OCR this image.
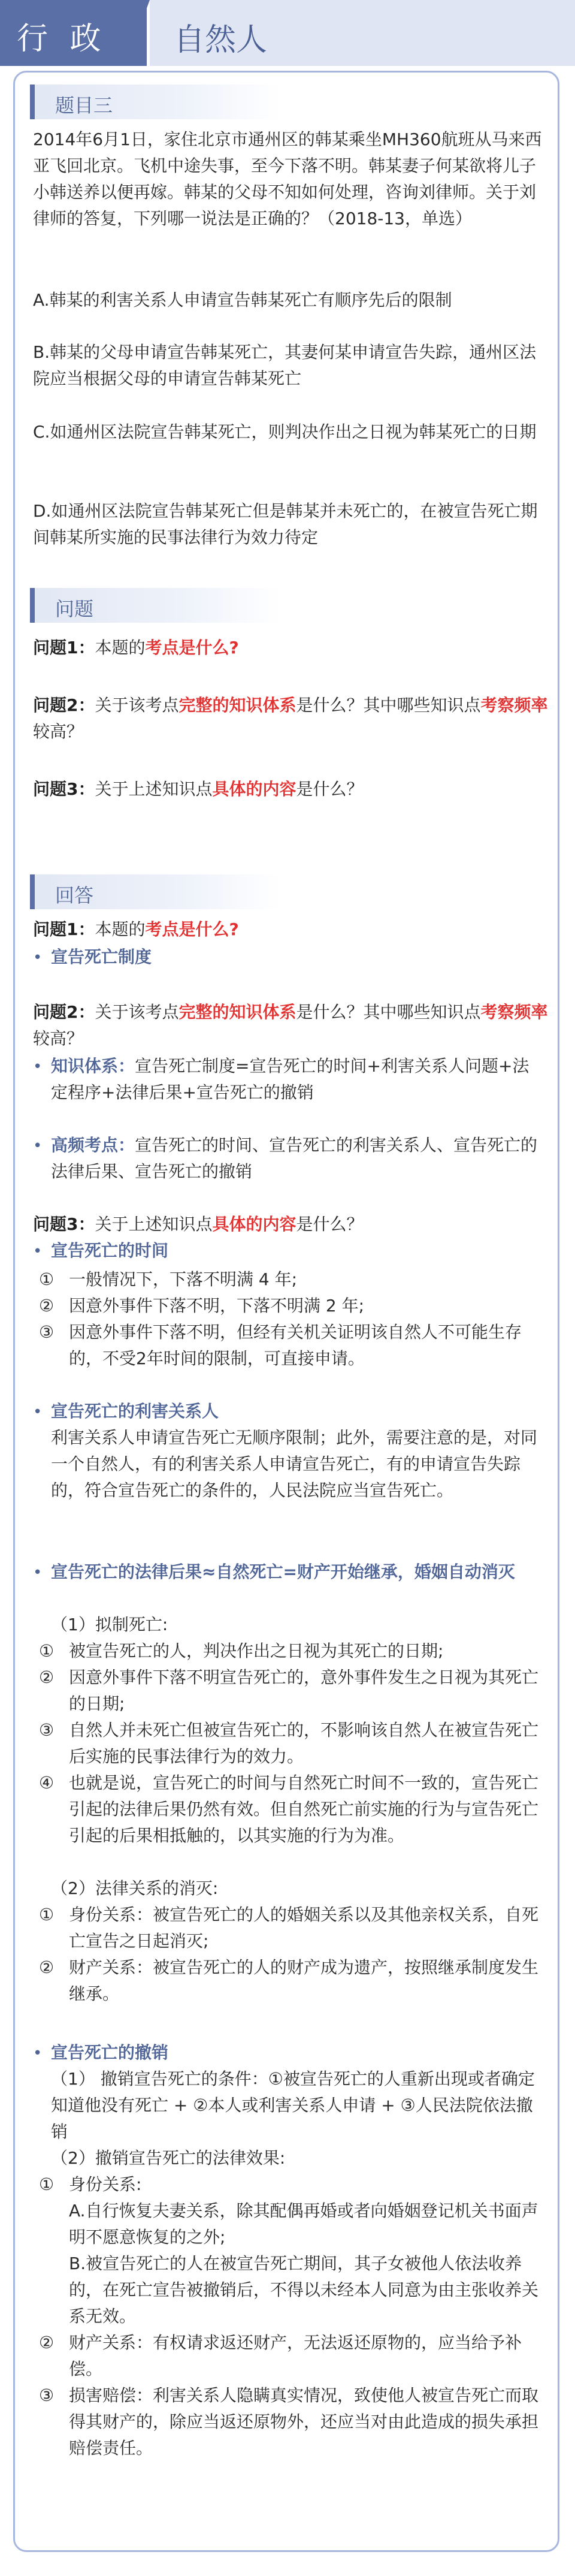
行 政 自然人
题目三
2014年6月1日，家住北京市通州区的韩某乘坐MH360航班从马来西亚飞回北京。飞机中途失事，至今下落不明。韩某妻子何某欲将儿子小韩送养以便再嫁。韩某的父母不知如何处理，咨询刘律师。关于刘律师的答复，下列哪一说法是正确的？（2018-13，单选）
A.韩某的利害关系人申请宣告韩某死亡有顺序先后的限制
B.韩某的父母申请宣告韩某死亡，其妻何某申请宣告失踪，通州区法院应当根据父母的申请宣告韩某死亡
C.如通州区法院宣告韩某死亡，则判决作出之日视为韩某死亡的日期
D.如通州区法院宣告韩某死亡但是韩某并未死亡的，在被宣告死亡期间韩某所实施的民事法律行为效力待定
问题
问题1：本题的考点是什么?
问题2：关于该考点完整的知识体系是什么？其中哪些知识点考察频率较高？
问题3：关于上述知识点具体的内容是什么？
回答
问题1：本题的考点是什么?
• 宣告死亡制度
问题2：关于该考点完整的知识体系是什么？其中哪些知识点考察频率较高？
• 知识体系：宣告死亡制度=宣告死亡的时间+利害关系人问题+法定程序+法律后果+宣告死亡的撤销
• 高频考点：宣告死亡的时间、宣告死亡的利害关系人、宣告死亡的法律后果、宣告死亡的撤销
问题3：关于上述知识点具体的内容是什么？
• 宣告死亡的时间
① 一般情况下，下落不明满 4 年;
② 因意外事件下落不明，下落不明满 2 年;
③ 因意外事件下落不明，但经有关机关证明该自然人不可能生存的，不受2年时间的限制，可直接申请。
• 宣告死亡的利害关系人
利害关系人申请宣告死亡无顺序限制；此外，需要注意的是，对同一个自然人，有的利害关系人申请宣告死亡，有的申请宣告失踪的，符合宣告死亡的条件的，人民法院应当宣告死亡。
• 宣告死亡的法律后果≈自然死亡=财产开始继承，婚姻自动消灭
（1）拟制死亡:
① 被宣告死亡的人，判决作出之日视为其死亡的日期;
② 因意外事件下落不明宣告死亡的，意外事件发生之日视为其死亡的日期;
③ 自然人并未死亡但被宣告死亡的，不影响该自然人在被宣告死亡后实施的民事法律行为的效力。
④ 也就是说，宣告死亡的时间与自然死亡时间不一致的，宣告死亡引起的法律后果仍然有效。但自然死亡前实施的行为与宣告死亡引起的后果相抵触的，以其实施的行为为准。
（2）法律关系的消灭:
① 身份关系：被宣告死亡的人的婚姻关系以及其他亲权关系，自死亡宣告之日起消灭;
② 财产关系：被宣告死亡的人的财产成为遗产，按照继承制度发生继承。
• 宣告死亡的撤销
（1） 撤销宣告死亡的条件：①被宣告死亡的人重新出现或者确定知道他没有死亡 + ②本人或利害关系人申请 + ③人民法院依法撤销
（2）撤销宣告死亡的法律效果:
① 身份关系:
A.自行恢复夫妻关系，除其配偶再婚或者向婚姻登记机关书面声明不愿意恢复的之外;
B.被宣告死亡的人在被宣告死亡期间，其子女被他人依法收养的，在死亡宣告被撤销后，不得以未经本人同意为由主张收养关系无效。
② 财产关系：有权请求返还财产，无法返还原物的，应当给予补偿。
③ 损害赔偿：利害关系人隐瞒真实情况，致使他人被宣告死亡而取得其财产的，除应当返还原物外，还应当对由此造成的损失承担赔偿责任。
